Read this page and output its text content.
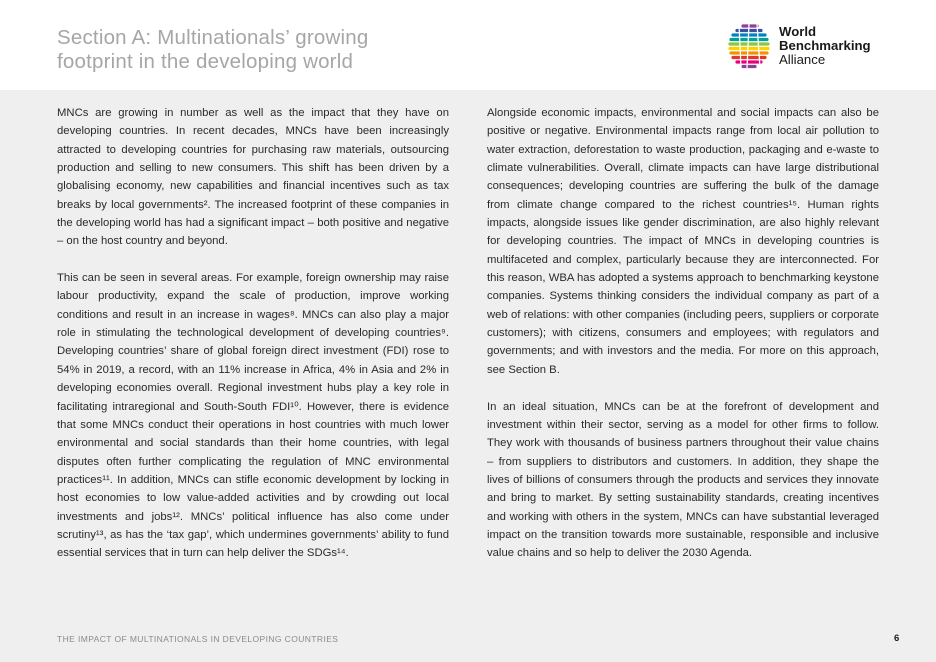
Section A: Multinationals’ growing
footprint in the developing world
World
Benchmarking
Alliance

MNCs are growing in number as well as the impact that they have on developing countries. In recent decades, MNCs have been increasingly attracted to developing countries for purchasing raw materials, outsourcing production and selling to new consumers. This shift has been driven by a globalising economy, new capabilities and financial incentives such as tax breaks by local governments². The increased footprint of these companies in the developing world has had a significant impact – both positive and negative – on the host country and beyond.

This can be seen in several areas. For example, foreign ownership may raise labour productivity, expand the scale of production, improve working conditions and result in an increase in wages⁸. MNCs can also play a major role in stimulating the technological development of developing countries⁹. Developing countries’ share of global foreign direct investment (FDI) rose to 54% in 2019, a record, with an 11% increase in Africa, 4% in Asia and 2% in developing economies overall. Regional investment hubs play a key role in facilitating intraregional and South-South FDI¹⁰. However, there is evidence that some MNCs conduct their operations in host countries with much lower environmental and social standards than their home countries, with legal disputes often further complicating the regulation of MNC environmental practices¹¹. In addition, MNCs can stifle economic development by locking in host economies to low value-added activities and by crowding out local investments and jobs¹². MNCs’ political influence has also come under scrutiny¹³, as has the ‘tax gap’, which undermines governments’ ability to fund essential services that in turn can help deliver the SDGs¹⁴.

Alongside economic impacts, environmental and social impacts can also be positive or negative. Environmental impacts range from local air pollution to water extraction, deforestation to waste production, packaging and e-waste to climate vulnerabilities. Overall, climate impacts can have large distributional consequences; developing countries are suffering the bulk of the damage from climate change compared to the richest countries¹⁵. Human rights impacts, alongside issues like gender discrimination, are also highly relevant for developing countries. The impact of MNCs in developing countries is multifaceted and complex, particularly because they are interconnected. For this reason, WBA has adopted a systems approach to benchmarking keystone companies. Systems thinking considers the individual company as part of a web of relations: with other companies (including peers, suppliers or corporate customers); with citizens, consumers and employees; with regulators and governments; and with investors and the media. For more on this approach, see Section B.

In an ideal situation, MNCs can be at the forefront of development and investment within their sector, serving as a model for other firms to follow. They work with thousands of business partners throughout their value chains – from suppliers to distributors and customers. In addition, they shape the lives of billions of consumers through the products and services they innovate and bring to market. By setting sustainability standards, creating incentives and working with others in the system, MNCs can have substantial leveraged impact on the transition towards more sustainable, responsible and inclusive value chains and so help to deliver the 2030 Agenda.

THE IMPACT OF MULTINATIONALS IN DEVELOPING COUNTRIES	6
